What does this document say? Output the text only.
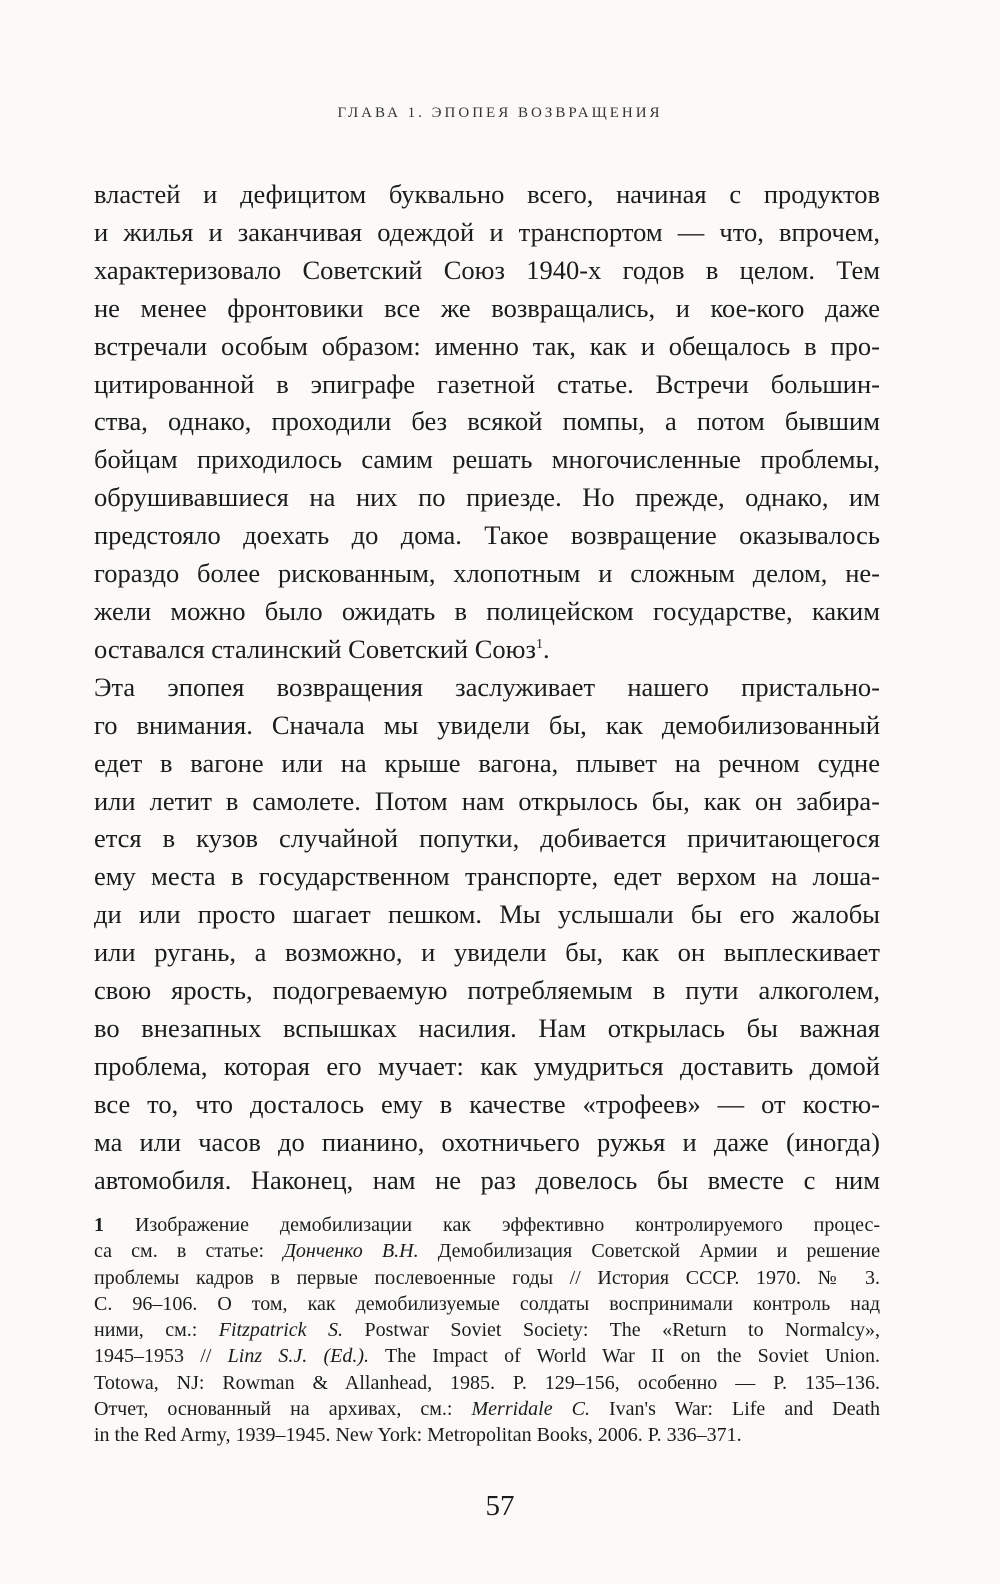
ГЛАВА 1. ЭПОПЕЯ ВОЗВРАЩЕНИЯ
властей и дефицитом буквально всего, начиная с продуктов
и жилья и заканчивая одеждой и транспортом — что, впрочем,
характеризовало Советский Союз 1940-х годов в целом. Тем
не менее фронтовики все же возвращались, и кое-кого даже
встречали особым образом: именно так, как и обещалось в про-
цитированной в эпиграфе газетной статье. Встречи большин-
ства, однако, проходили без всякой помпы, а потом бывшим
бойцам приходилось самим решать многочисленные проблемы,
обрушивавшиеся на них по приезде. Но прежде, однако, им
предстояло доехать до дома. Такое возвращение оказывалось
гораздо более рискованным, хлопотным и сложным делом, не-
жели можно было ожидать в полицейском государстве, каким
оставался сталинский Советский Союз$^1$.
Эта эпопея возвращения заслуживает нашего пристально-
го внимания. Сначала мы увидели бы, как демобилизованный
едет в вагоне или на крыше вагона, плывет на речном судне
или летит в самолете. Потом нам открылось бы, как он забира-
ется в кузов случайной попутки, добивается причитающегося
ему места в государственном транспорте, едет верхом на лоша-
ди или просто шагает пешком. Мы услышали бы его жалобы
или ругань, а возможно, и увидели бы, как он выплескивает
свою ярость, подогреваемую потребляемым в пути алкоголем,
во внезапных вспышках насилия. Нам открылась бы важная
проблема, которая его мучает: как умудриться доставить домой
все то, что досталось ему в качестве «трофеев» — от костю-
ма или часов до пианино, охотничьего ружья и даже (иногда)
автомобиля. Наконец, нам не раз довелось бы вместе с ним
1 Изображение демобилизации как эффективно контролируемого процес-
са см. в статье: Донченко В.Н. Демобилизация Советской Армии и решение
проблемы кадров в первые послевоенные годы // История СССР. 1970. № 3.
С. 96–106. О том, как демобилизуемые солдаты воспринимали контроль над
ними, см.: Fitzpatrick S. Postwar Soviet Society: The «Return to Normalcy»,
1945–1953 // Linz S.J. (Ed.). The Impact of World War II on the Soviet Union.
Totowa, NJ: Rowman & Allanhead, 1985. P. 129–156, особенно — P. 135–136.
Отчет, основанный на архивах, см.: Merridale C. Ivan's War: Life and Death
in the Red Army, 1939–1945. New York: Metropolitan Books, 2006. P. 336–371.
57
